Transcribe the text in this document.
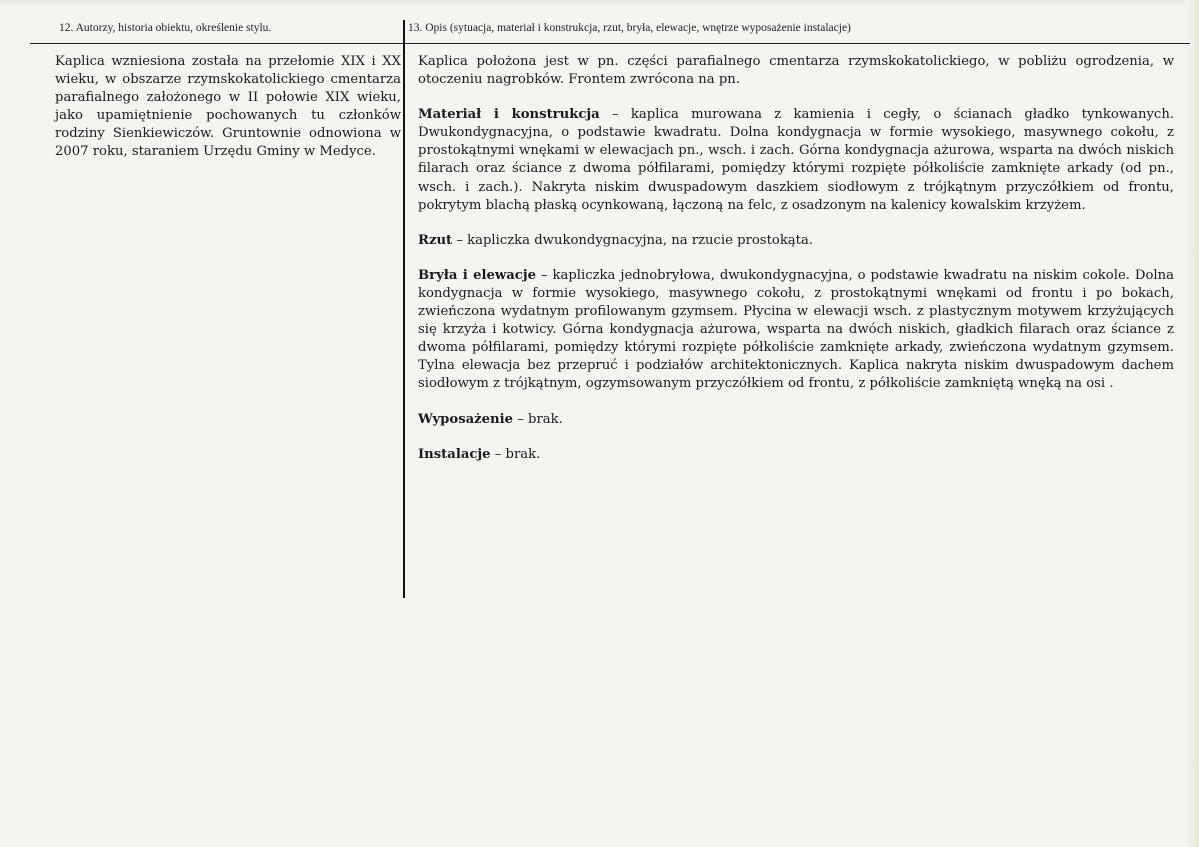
12. Autorzy, historia obiektu, określenie stylu.

Kaplica wzniesiona została na przełomie XIX i XX wieku, w obszarze rzymskokatolickiego cmentarza parafialnego założonego w II połowie XIX wieku, jako upamiętnienie pochowanych tu członków rodziny Sienkiewiczów. Gruntownie odnowiona w 2007 roku, staraniem Urzędu Gminy w Medyce.

13. Opis (sytuacja, materiał i konstrukcja, rzut, bryła, elewacje, wnętrze wyposażenie instalacje)

Kaplica położona jest w pn. części parafialnego cmentarza rzymskokatolickiego, w pobliżu ogrodzenia, w otoczeniu nagrobków. Frontem zwrócona na pn.

Materiał i konstrukcja – kaplica murowana z kamienia i cegły, o ścianach gładko tynkowanych. Dwukondygnacyjna, o podstawie kwadratu. Dolna kondygnacja w formie wysokiego, masywnego cokołu, z prostokątnymi wnękami w elewacjach pn., wsch. i zach. Górna kondygnacja ażurowa, wsparta na dwóch niskich filarach oraz ściance z dwoma półfilarami, pomiędzy którymi rozpięte półkoliście zamknięte arkady (od pn., wsch. i zach.). Nakryta niskim dwuspadowym daszkiem siodłowym z trójkątnym przyczółkiem od frontu, pokrytym blachą płaską ocynkowaną, łączoną na felc, z osadzonym na kalenicy kowalskim krzyżem.

Rzut – kapliczka dwukondygnacyjna, na rzucie prostokąta.

Bryła i elewacje – kapliczka jednobryłowa, dwukondygnacyjna, o podstawie kwadratu na niskim cokole. Dolna kondygnacja w formie wysokiego, masywnego cokołu, z prostokątnymi wnękami od frontu i po bokach, zwieńczona wydatnym profilowanym gzymsem. Płycina w elewacji wsch. z plastycznym motywem krzyżujących się krzyża i kotwicy. Górna kondygnacja ażurowa, wsparta na dwóch niskich, gładkich filarach oraz ściance z dwoma półfilarami, pomiędzy którymi rozpięte półkoliście zamknięte arkady, zwieńczona wydatnym gzymsem. Tylna elewacja bez przepruć i podziałów architektonicznych. Kaplica nakryta niskim dwuspadowym dachem siodłowym z trójkątnym, ogzymsowanym przyczółkiem od frontu, z półkoliście zamkniętą wnęką na osi .

Wyposażenie – brak.

Instalacje – brak.
